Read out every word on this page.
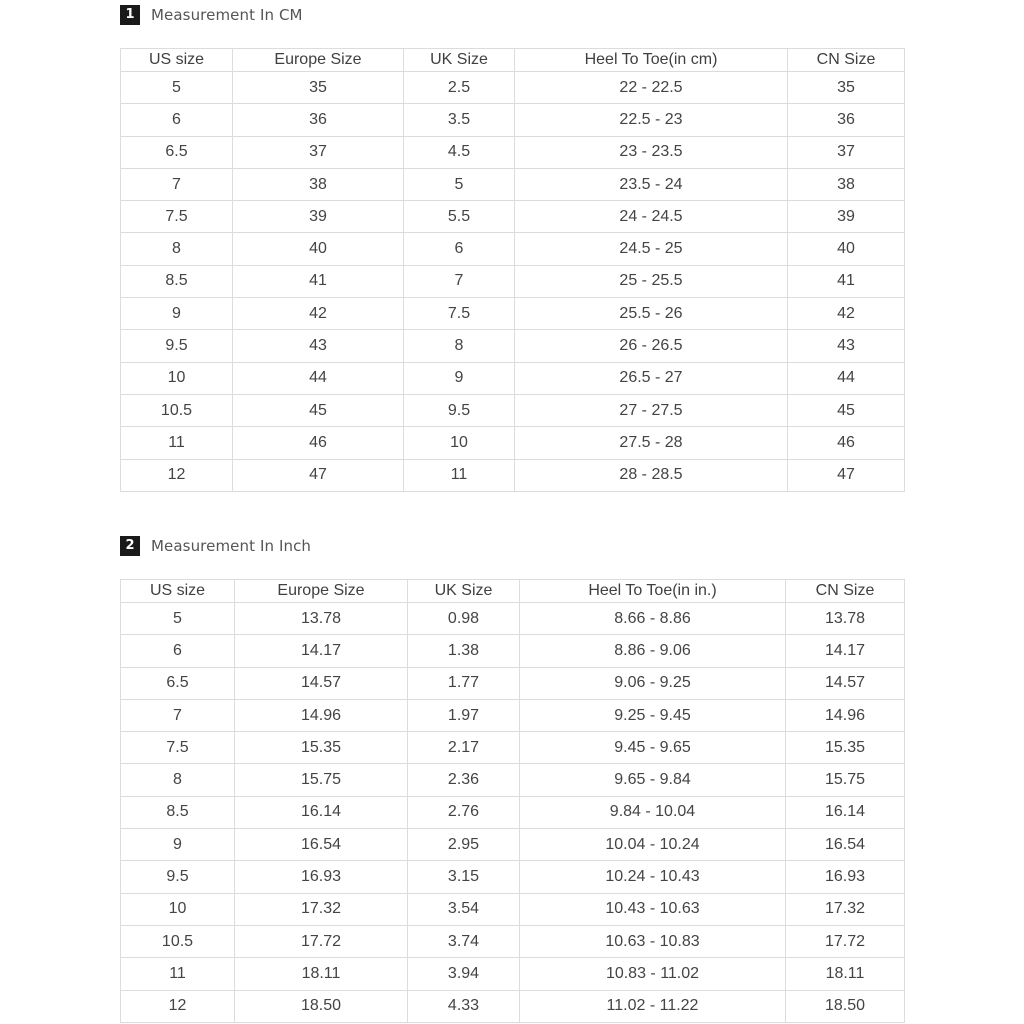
1	Measurement In CM
US size	Europe Size	UK Size	Heel To Toe(in cm)	CN Size
5	35	2.5	22 - 22.5	35
6	36	3.5	22.5 - 23	36
6.5	37	4.5	23 - 23.5	37
7	38	5	23.5 - 24	38
7.5	39	5.5	24 - 24.5	39
8	40	6	24.5 - 25	40
8.5	41	7	25 - 25.5	41
9	42	7.5	25.5 - 26	42
9.5	43	8	26 - 26.5	43
10	44	9	26.5 - 27	44
10.5	45	9.5	27 - 27.5	45
11	46	10	27.5 - 28	46
12	47	11	28 - 28.5	47
2	Measurement In Inch
US size	Europe Size	UK Size	Heel To Toe(in in.)	CN Size
5	13.78	0.98	8.66 - 8.86	13.78
6	14.17	1.38	8.86 - 9.06	14.17
6.5	14.57	1.77	9.06 - 9.25	14.57
7	14.96	1.97	9.25 - 9.45	14.96
7.5	15.35	2.17	9.45 - 9.65	15.35
8	15.75	2.36	9.65 - 9.84	15.75
8.5	16.14	2.76	9.84 - 10.04	16.14
9	16.54	2.95	10.04 - 10.24	16.54
9.5	16.93	3.15	10.24 - 10.43	16.93
10	17.32	3.54	10.43 - 10.63	17.32
10.5	17.72	3.74	10.63 - 10.83	17.72
11	18.11	3.94	10.83 - 11.02	18.11
12	18.50	4.33	11.02 - 11.22	18.50
